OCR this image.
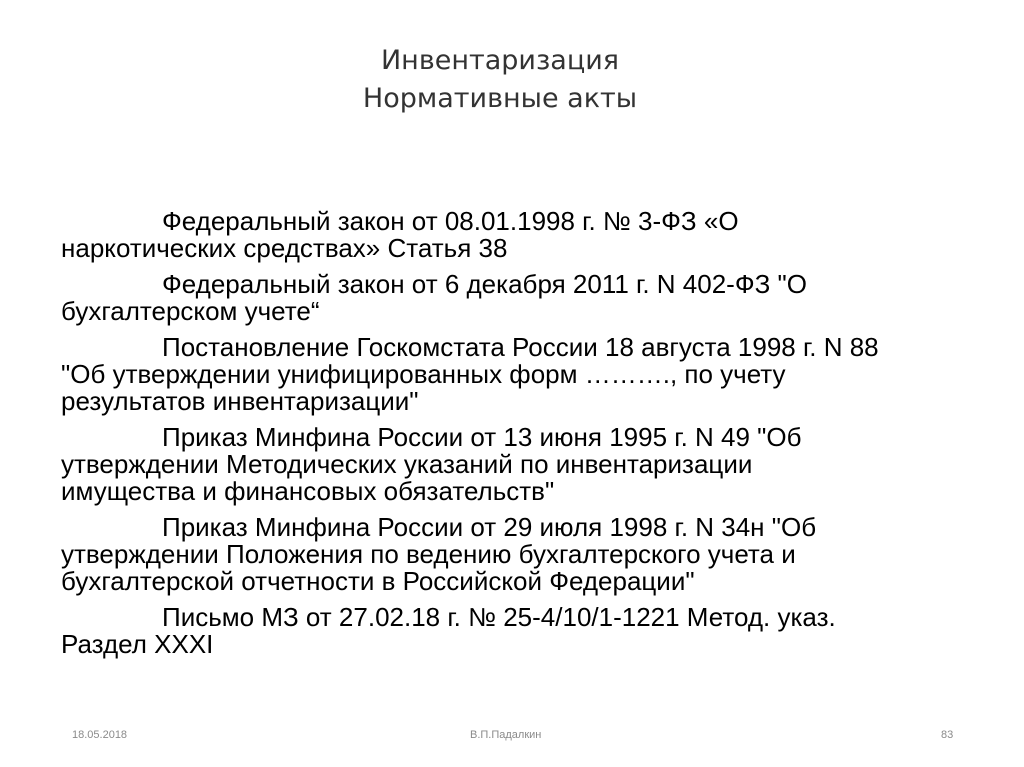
Инвентаризация
Нормативные акты

Федеральный закон от 08.01.1998 г. № 3-ФЗ «О
наркотических средствах» Статья 38

Федеральный закон от 6 декабря 2011 г. N 402-ФЗ "О
бухгалтерском учете“

Постановление Госкомстата России 18 августа 1998 г. N 88
"Об утверждении унифицированных форм ………., по учету
результатов инвентаризации"

Приказ Минфина России от 13 июня 1995 г. N 49 "Об
утверждении Методических указаний по инвентаризации
имущества и финансовых обязательств"

Приказ Минфина России от 29 июля 1998 г. N 34н "Об
утверждении Положения по ведению бухгалтерского учета и
бухгалтерской отчетности в Российской Федерации"

Письмо МЗ от 27.02.18 г. № 25-4/10/1-1221 Метод. указ.
Раздел XXXI

18.05.2018	В.П.Падалкин	83
